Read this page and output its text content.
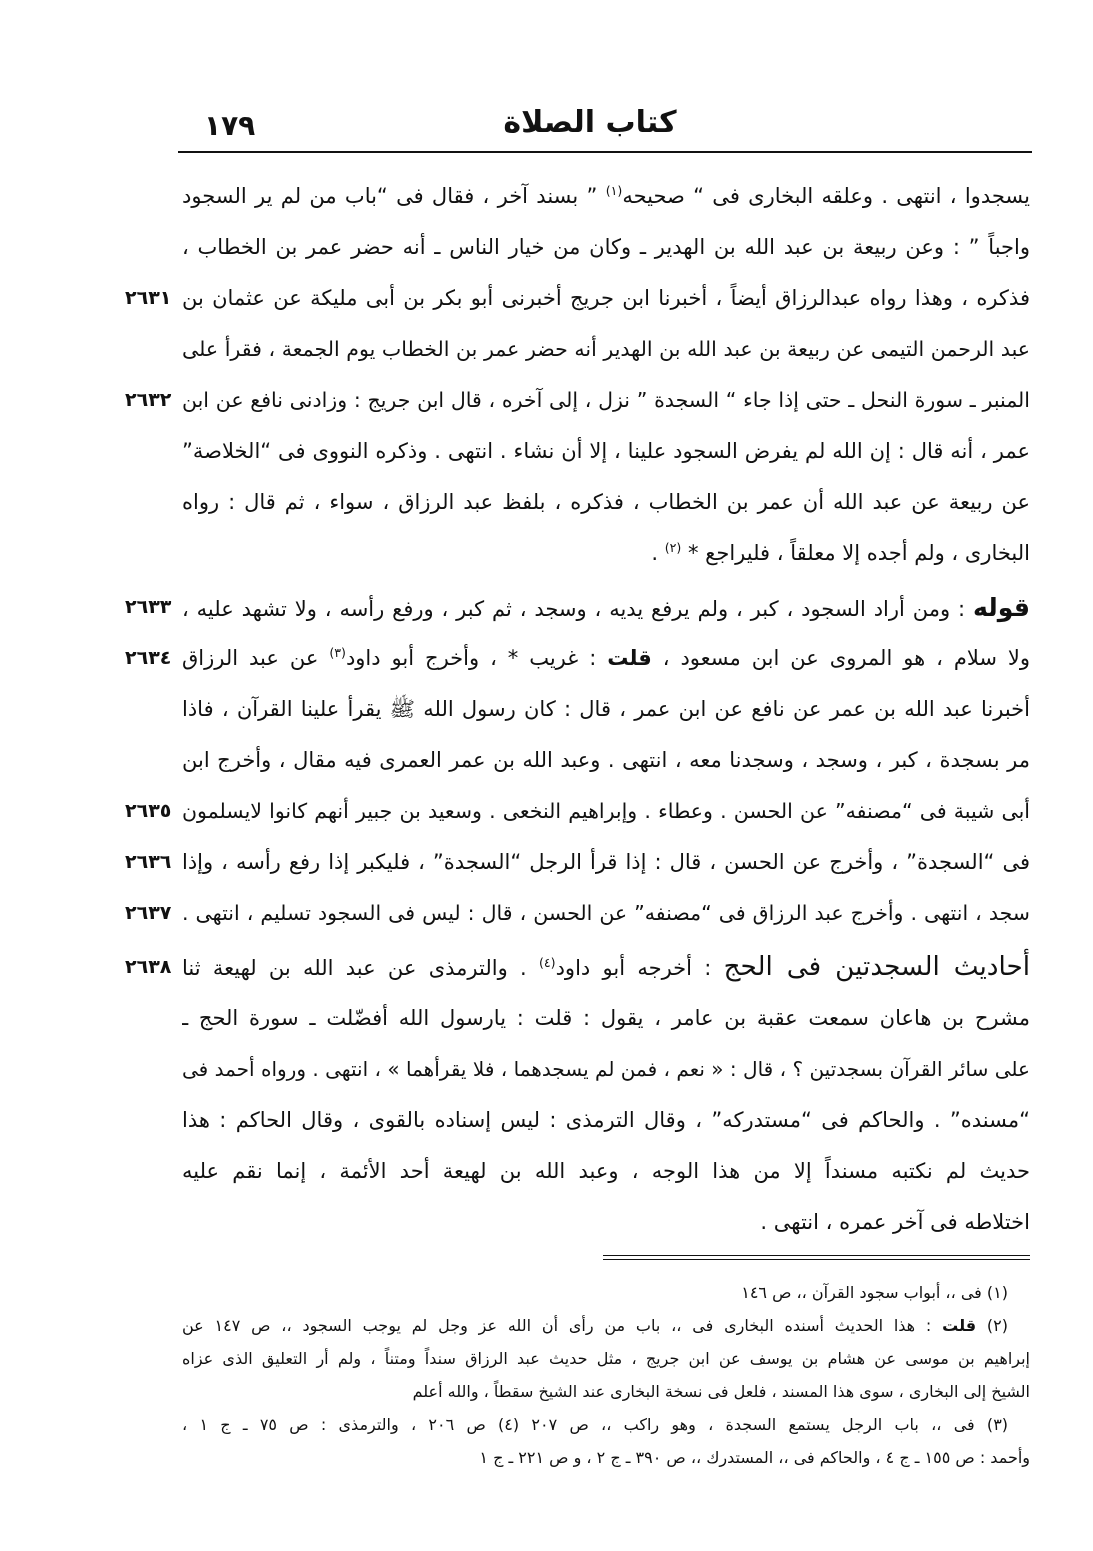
١٧٩	كتاب الصلاة
يسجدوا ، انتهى . وعلقه البخارى فى “ صحيحه$^{(١)}$ ” بسند آخر ، فقال فى “باب من لم ير السجود
واجباً ” : وعن ربيعة بن عبد الله بن الهدير ـ وكان من خيار الناس ـ أنه حضر عمر بن الخطاب ،
٢٦٣١ فذكره ، وهذا رواه عبدالرزاق أيضاً ، أخبرنا ابن جريج أخبرنى أبو بكر بن أبى مليكة عن عثمان بن
عبد الرحمن التيمى عن ربيعة بن عبد الله بن الهدير أنه حضر عمر بن الخطاب يوم الجمعة ، فقرأ على
٢٦٣٢ المنبر ـ سورة النحل ـ حتى إذا جاء “ السجدة ” نزل ، إلى آخره ، قال ابن جريج : وزادنى نافع عن ابن
عمر ، أنه قال : إن الله لم يفرض السجود علينا ، إلا أن نشاء . انتهى . وذكره النووى فى “الخلاصة”
عن ربيعة عن عبد الله أن عمر بن الخطاب ، فذكره ، بلفظ عبد الرزاق ، سواء ، ثم قال : رواه
البخارى ، ولم أجده إلا معلقاً ، فليراجع * $^{(٢)}$ .
٢٦٣٣	قوله : ومن أراد السجود ، كبر ، ولم يرفع يديه ، وسجد ، ثم كبر ، ورفع رأسه ، ولا تشهد عليه ،
٢٦٣٤	ولا سلام ، هو المروى عن ابن مسعود ، قلت : غريب * ، وأخرج أبو داود$^{(٣)}$ عن عبد الرزاق
أخبرنا عبد الله بن عمر عن نافع عن ابن عمر ، قال : كان رسول الله ﷺ يقرأ علينا القرآن ، فاذا
مر بسجدة ، كبر ، وسجد ، وسجدنا معه ، انتهى . وعبد الله بن عمر العمرى فيه مقال ، وأخرج ابن
٢٦٣٥ أبى شيبة فى “مصنفه” عن الحسن . وعطاء . وإبراهيم النخعى . وسعيد بن جبير أنهم كانوا لايسلمون
٢٦٣٦ فى “السجدة” ، وأخرج عن الحسن ، قال : إذا قرأ الرجل “السجدة” ، فليكبر إذا رفع رأسه ، وإذا
٢٦٣٧ سجد ، انتهى . وأخرج عبد الرزاق فى “مصنفه” عن الحسن ، قال : ليس فى السجود تسليم ، انتهى .
٢٦٣٨	أحاديث السجدتين فى الحج : أخرجه أبو داود$^{(٤)}$ . والترمذى عن عبد الله بن لهيعة ثنا
مشرح بن هاعان سمعت عقبة بن عامر ، يقول : قلت : يارسول الله أفضّلت ـ سورة الحج ـ
على سائر القرآن بسجدتين ؟ ، قال : « نعم ، فمن لم يسجدهما ، فلا يقرأهما » ، انتهى . ورواه أحمد فى
“مسنده” . والحاكم فى “مستدركه” ، وقال الترمذى : ليس إسناده بالقوى ، وقال الحاكم : هذا
حديث لم نكتبه مسنداً إلا من هذا الوجه ، وعبد الله بن لهيعة أحد الأئمة ، إنما نقم عليه
اختلاطه فى آخر عمره ، انتهى .
(١) فى ،، أبواب سجود القرآن ،، ص ١٤٦
(٢) قلت : هذا الحديث أسنده البخارى فى ،، باب من رأى أن الله عز وجل لم يوجب السجود ،، ص ١٤٧ عن
إبراهيم بن موسى عن هشام بن يوسف عن ابن جريج ، مثل حديث عبد الرزاق سنداً ومتناً ، ولم أر التعليق الذى عزاه
الشيخ إلى البخارى ، سوى هذا المسند ، فلعل فى نسخة البخارى عند الشيخ سقطاً ، والله أعلم
(٣) فى ،، باب الرجل يستمع السجدة ، وهو راكب ،، ص ٢٠٧ (٤) ص ٢٠٦ ، والترمذى : ص ٧٥ ـ ج ١ ،
وأحمد : ص ١٥٥ ـ ج ٤ ، والحاكم فى ،، المستدرك ،، ص ٣٩٠ ـ ج ٢ ، و ص ٢٢١ ـ ج ١
